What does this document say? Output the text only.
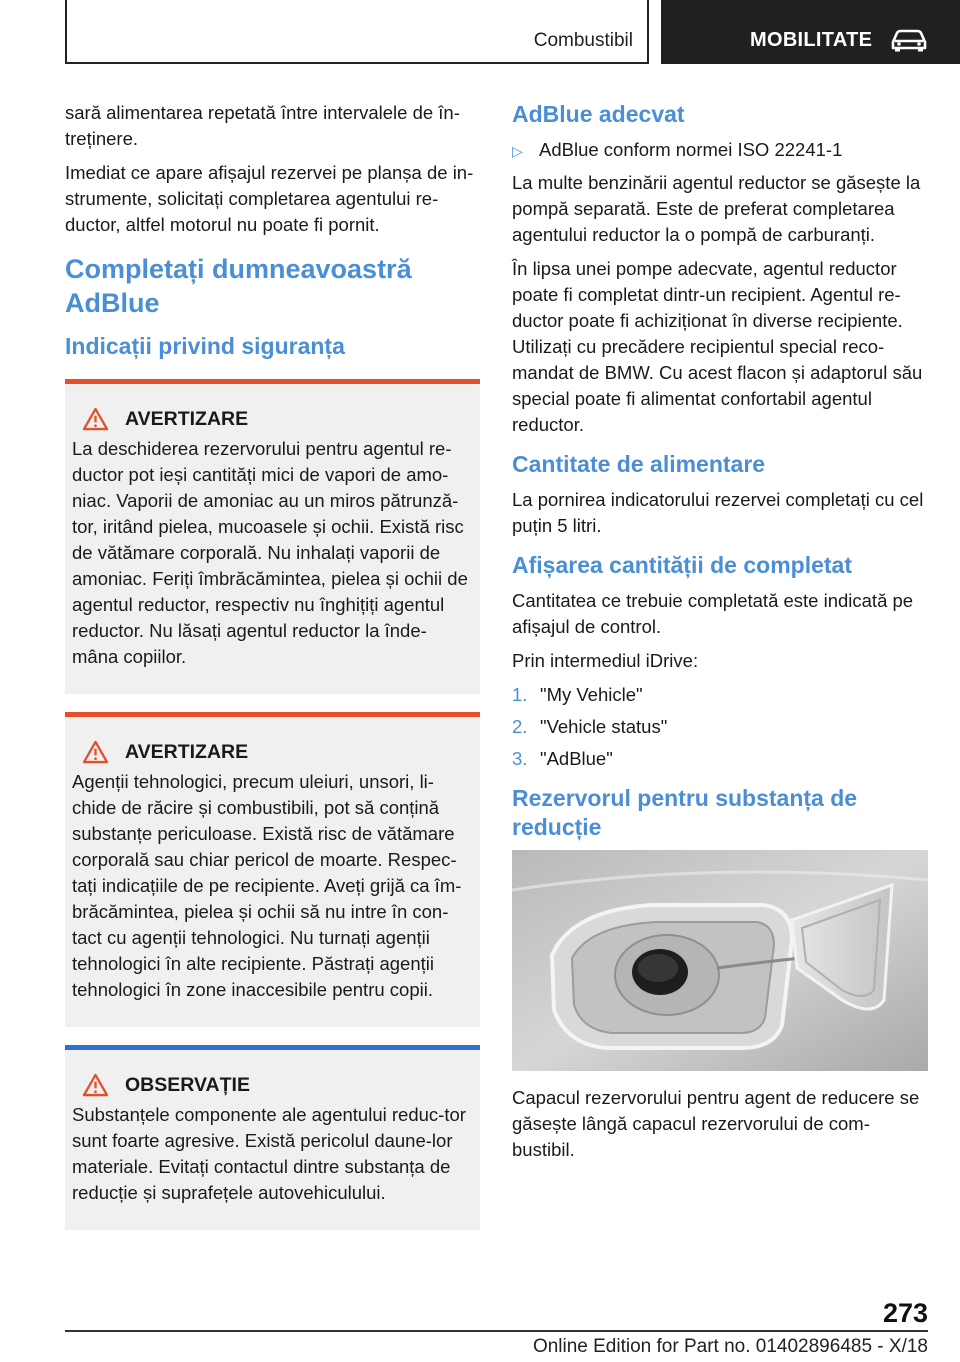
Combustibil	MOBILITATE

sară alimentarea repetată între intervalele de în-treținere.

Imediat ce apare afișajul rezervei pe planșa de in-strumente, solicitați completarea agentului re-ductor, altfel motorul nu poate fi pornit.

Completați dumneavoastră AdBlue
Indicații privind siguranța
AVERTIZARE

La deschiderea rezervorului pentru agentul re-ductor pot ieși cantități mici de vapori de amo-niac. Vaporii de amoniac au un miros pătrunză-tor, iritând pielea, mucoasele și ochii. Există risc de vătămare corporală. Nu inhalați vaporii de amoniac. Feriți îmbrăcămintea, pielea și ochii de agentul reductor, respectiv nu înghițiți agentul reductor. Nu lăsați agentul reductor la înde-mâna copiilor.

AVERTIZARE

Agenții tehnologici, precum uleiuri, unsori, li-chide de răcire și combustibili, pot să conțină substanțe periculoase. Există risc de vătămare corporală sau chiar pericol de moarte. Respec-tați indicațiile de pe recipiente. Aveți grijă ca îm-brăcămintea, pielea și ochii să nu intre în con-tact cu agenții tehnologici. Nu turnați agenții tehnologici în alte recipiente. Păstrați agenții tehnologici în zone inaccesibile pentru copii.

OBSERVAȚIE

Substanțele componente ale agentului reduc-tor sunt foarte agresive. Există pericolul daune-lor materiale. Evitați contactul dintre substanța de reducție și suprafețele autovehiculului.

AdBlue adecvat
▷ AdBlue conform normei ISO 22241-1

La multe benzinării agentul reductor se găsește la pompă separată. Este de preferat completarea agentului reductor la o pompă de carburanți.

În lipsa unei pompe adecvate, agentul reductor poate fi completat dintr-un recipient. Agentul re-ductor poate fi achiziționat în diverse recipiente. Utilizați cu precădere recipientul special reco-mandat de BMW. Cu acest flacon și adaptorul său special poate fi alimentat confortabil agentul reductor.

Cantitate de alimentare

La pornirea indicatorului rezervei completați cu cel puțin 5 litri.

Afișarea cantității de completat

Cantitatea ce trebuie completată este indicată pe afișajul de control.

Prin intermediul iDrive:

1. "My Vehicle"
2. "Vehicle status"
3. "AdBlue"
Rezervorul pentru substanța de reducție

Capacul rezervorului pentru agent de reducere se găsește lângă capacul rezervorului de com-bustibil.

273
Online Edition for Part no. 01402896485 - X/18
